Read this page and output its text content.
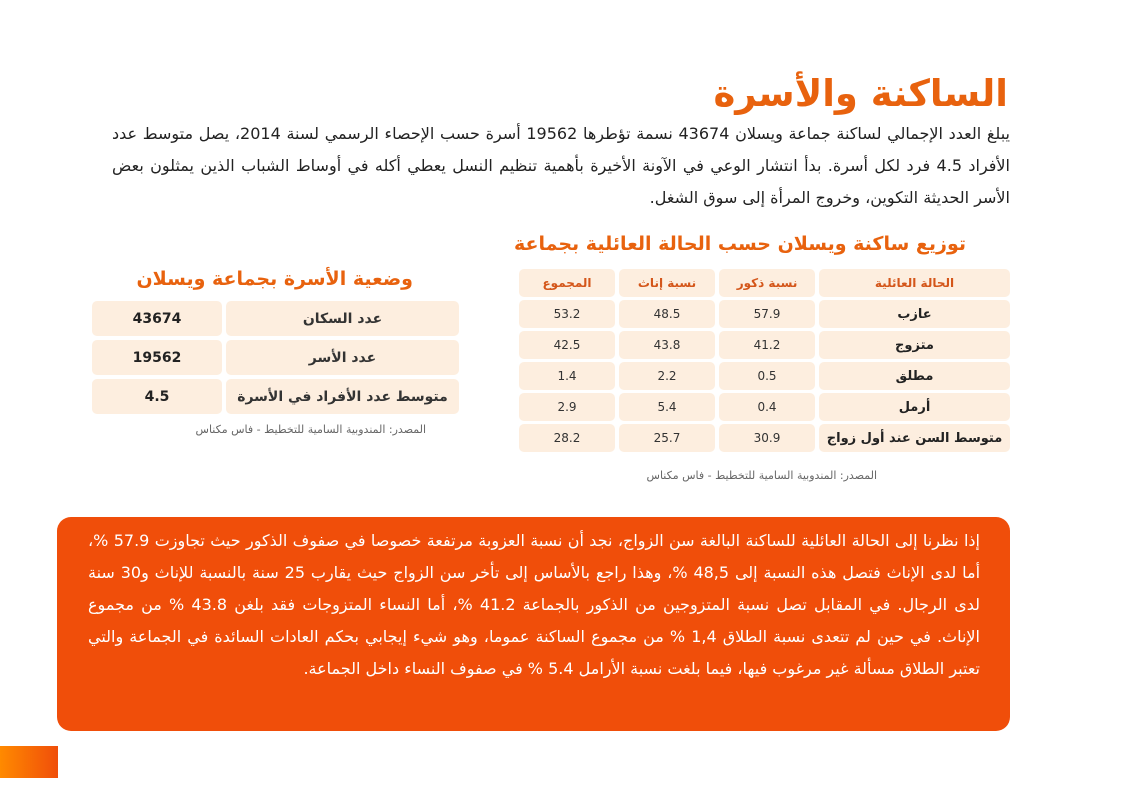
الساكنة والأسرة

يبلغ العدد الإجمالي لساكنة جماعة ويسلان 43674 نسمة تؤطرها 19562 أسرة حسب الإحصاء الرسمي لسنة 2014، يصل متوسط عدد الأفراد 4.5 فرد لكل أسرة. بدأ انتشار الوعي في الآونة الأخيرة بأهمية تنظيم النسل يعطي أكله في أوساط الشباب الذين يمثلون بعض الأسر الحديثة التكوين، وخروج المرأة إلى سوق الشغل.

وضعية الأسرة بجماعة ويسلان
عدد السكان
43674
عدد الأسر
19562
متوسط عدد الأفراد في الأسرة
4.5

المصدر: المندوبية السامية للتخطيط - فاس مكناس

توزيع ساكنة ويسلان حسب الحالة العائلية بجماعة
الحالة العائلية
نسبة ذكور
نسبة إناث
المجموع
عازب
57.9
48.5
53.2
متزوج
41.2
43.8
42.5
مطلق
0.5
2.2
1.4
أرمل
0.4
5.4
2.9
متوسط السن عند أول زواج
30.9
25.7
28.2

المصدر: المندوبية السامية للتخطيط - فاس مكناس

إذا نظرنا إلى الحالة العائلية للساكنة البالغة سن الزواج، نجد أن نسبة العزوبة مرتفعة خصوصا في صفوف الذكور حيث تجاوزت 57.9 %، أما لدى الإناث فتصل هذه النسبة إلى 48,5 %، وهذا راجع بالأساس إلى تأخر سن الزواج حيث يقارب 25 سنة بالنسبة للإناث و30 سنة لدى الرجال. في المقابل تصل نسبة المتزوجين من الذكور بالجماعة 41.2 %، أما النساء المتزوجات فقد بلغن 43.8 % من مجموع الإناث. في حين لم تتعدى نسبة الطلاق 1,4 % من مجموع الساكنة عموما، وهو شيء إيجابي بحكم العادات السائدة في الجماعة والتي تعتبر الطلاق مسألة غير مرغوب فيها، فيما بلغت نسبة الأرامل 5.4 % في صفوف النساء داخل الجماعة.
